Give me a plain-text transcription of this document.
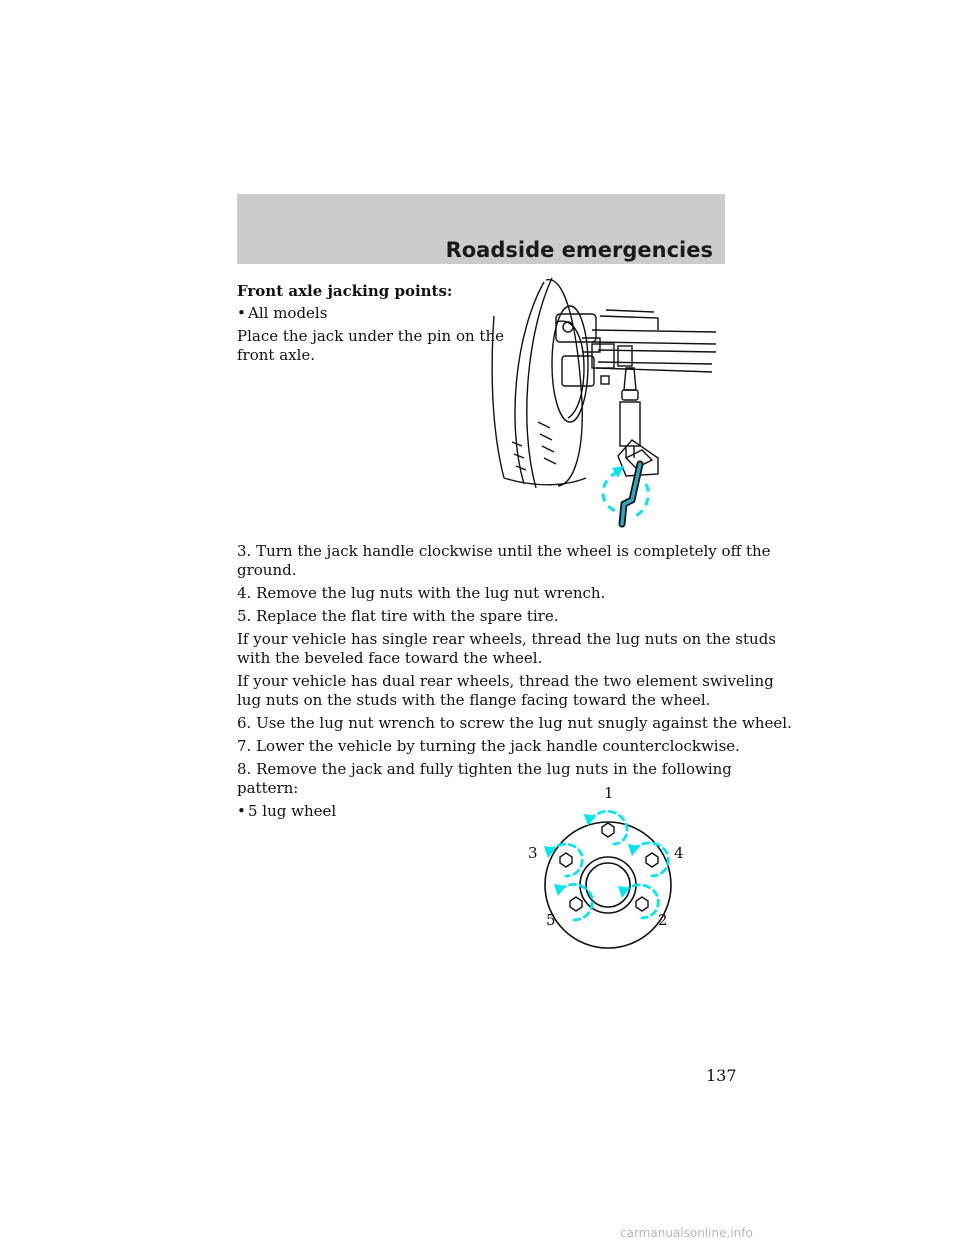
Roadside emergencies

Front axle jacking points:

• All models

Place the jack under the pin on the

front axle.

3. Turn the jack handle clockwise until the wheel is completely off the

ground.

4. Remove the lug nuts with the lug nut wrench.

5. Replace the flat tire with the spare tire.

If your vehicle has single rear wheels, thread the lug nuts on the studs

with the beveled face toward the wheel.

If your vehicle has dual rear wheels, thread the two element swiveling

lug nuts on the studs with the flange facing toward the wheel.

6. Use the lug nut wrench to screw the lug nut snugly against the wheel.

7. Lower the vehicle by turning the jack handle counterclockwise.

8. Remove the jack and fully tighten the lug nuts in the following

pattern:

• 5 lug wheel

1
2
3	4
5
137
carmanualsonline.info
